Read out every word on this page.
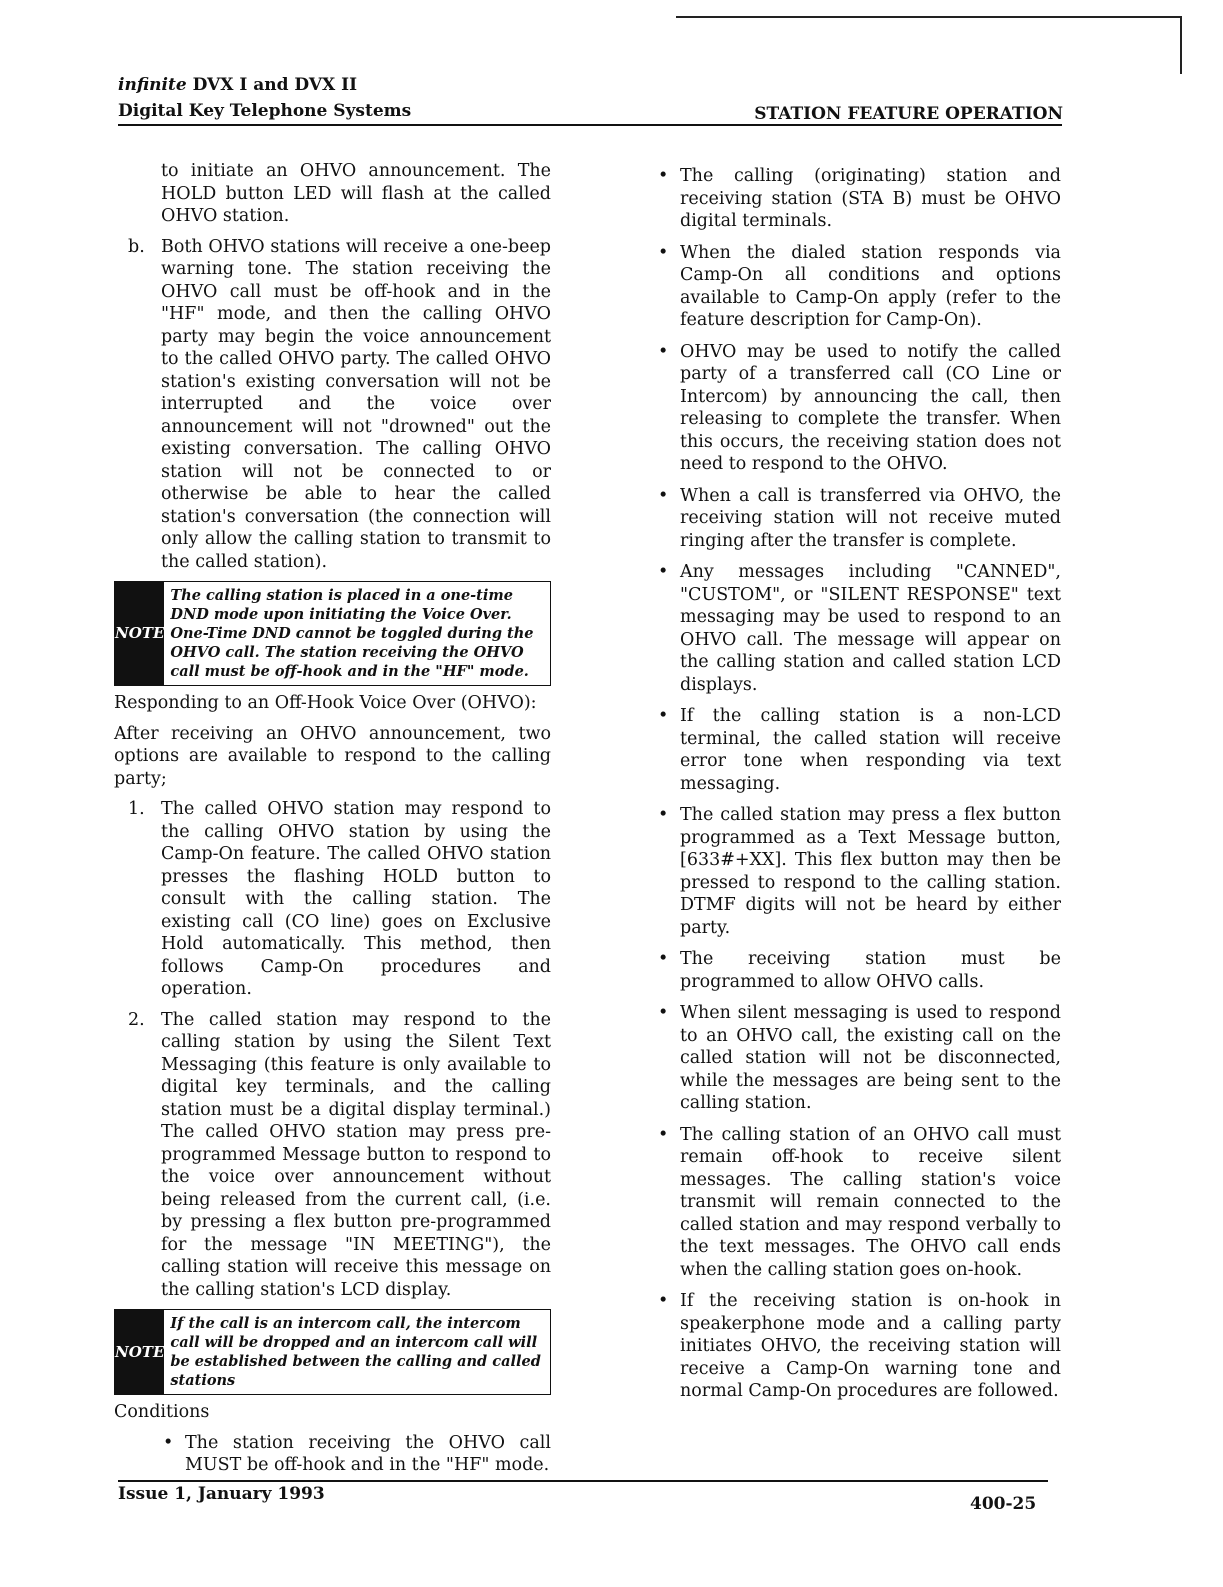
infinite DVX I and DVX II
Digital Key Telephone Systems	STATION FEATURE OPERATION

to initiate an OHVO announcement. The HOLD button LED will flash at the called OHVO station.

b. Both OHVO stations will receive a one-beep warning tone. The station receiving the OHVO call must be off-hook and in the "HF" mode, and then the calling OHVO party may begin the voice announcement to the called OHVO party. The called OHVO station's existing conversation will not be interrupted and the voice over announcement will not "drowned" out the existing conversation. The calling OHVO station will not be connected to or otherwise be able to hear the called station's conversation (the connection will only allow the calling station to transmit to the called station).

NOTE
The calling station is placed in a one-time DND mode upon initiating the Voice Over. One-Time DND cannot be toggled during the OHVO call. The station receiving the OHVO call must be off-hook and in the "HF" mode.

Responding to an Off-Hook Voice Over (OHVO):

After receiving an OHVO announcement, two options are available to respond to the calling party;

1. The called OHVO station may respond to the calling OHVO station by using the Camp-On feature. The called OHVO station presses the flashing HOLD button to consult with the calling station. The existing call (CO line) goes on Exclusive Hold automatically. This method, then follows Camp-On procedures and operation.

2. The called station may respond to the calling station by using the Silent Text Messaging (this feature is only available to digital key terminals, and the calling station must be a digital display terminal.) The called OHVO station may press pre-programmed Message button to respond to the voice over announcement without being released from the current call, (i.e. by pressing a flex button pre-programmed for the message "IN MEETING"), the calling station will receive this message on the calling station's LCD display.

NOTE
If the call is an intercom call, the intercom call will be dropped and an intercom call will be established between the calling and called stations

Conditions

• The station receiving the OHVO call MUST be off-hook and in the "HF" mode.

• The calling (originating) station and receiving station (STA B) must be OHVO digital terminals.

• When the dialed station responds via Camp-On all conditions and options available to Camp-On apply (refer to the feature description for Camp-On).

• OHVO may be used to notify the called party of a transferred call (CO Line or Intercom) by announcing the call, then releasing to complete the transfer. When this occurs, the receiving station does not need to respond to the OHVO.

• When a call is transferred via OHVO, the receiving station will not receive muted ringing after the transfer is complete.

• Any messages including "CANNED", "CUSTOM", or "SILENT RESPONSE" text messaging may be used to respond to an OHVO call. The message will appear on the calling station and called station LCD displays.

• If the calling station is a non-LCD terminal, the called station will receive error tone when responding via text messaging.

• The called station may press a flex button programmed as a Text Message button, [633#+XX]. This flex button may then be pressed to respond to the calling station. DTMF digits will not be heard by either party.

• The receiving station must be programmed to allow OHVO calls.

• When silent messaging is used to respond to an OHVO call, the existing call on the called station will not be disconnected, while the messages are being sent to the calling station.

• The calling station of an OHVO call must remain off-hook to receive silent messages. The calling station's voice transmit will remain connected to the called station and may respond verbally to the text messages. The OHVO call ends when the calling station goes on-hook.

• If the receiving station is on-hook in speakerphone mode and a calling party initiates OHVO, the receiving station will receive a Camp-On warning tone and normal Camp-On procedures are followed.

Issue 1, January 1993	400-25
